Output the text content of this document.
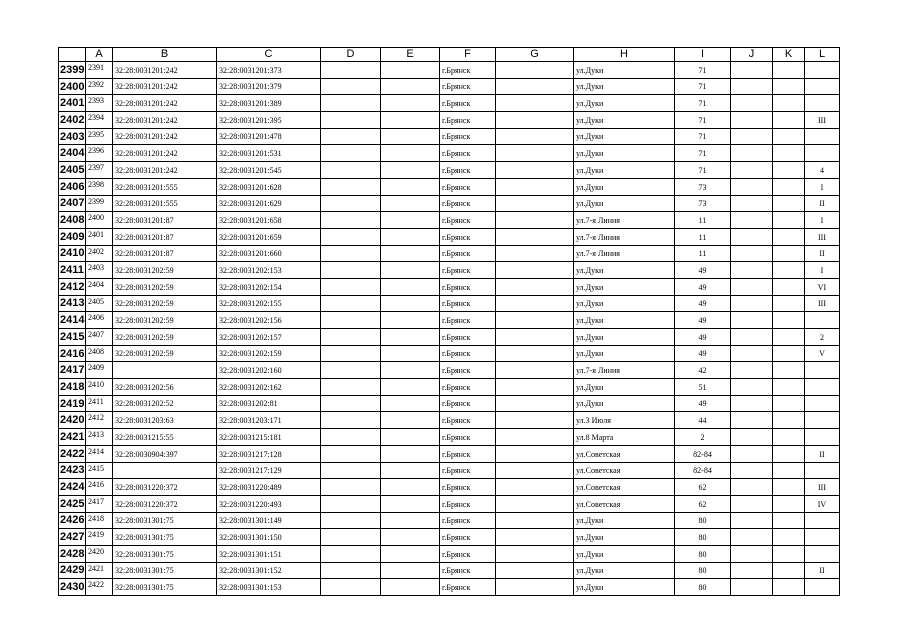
	A	B	C	D	E	F	G	H	I	J	K	L
2399	2391	32:28:0031201:242	32:28:0031201:373			г.Брянск		ул.Дуки	71			
2400	2392	32:28:0031201:242	32:28:0031201:379			г.Брянск		ул.Дуки	71			
2401	2393	32:28:0031201:242	32:28:0031201:389			г.Брянск		ул.Дуки	71			
2402	2394	32:28:0031201:242	32:28:0031201:395			г.Брянск		ул.Дуки	71			III
2403	2395	32:28:0031201:242	32:28:0031201:478			г.Брянск		ул.Дуки	71			
2404	2396	32:28:0031201:242	32:28:0031201:531			г.Брянск		ул.Дуки	71			
2405	2397	32:28:0031201:242	32:28:0031201:545			г.Брянск		ул.Дуки	71			4
2406	2398	32:28:0031201:555	32:28:0031201:628			г.Брянск		ул.Дуки	73			I
2407	2399	32:28:0031201:555	32:28:0031201:629			г.Брянск		ул.Дуки	73			II
2408	2400	32:28:0031201:87	32:28:0031201:658			г.Брянск		ул.7-я Линия	11			I
2409	2401	32:28:0031201:87	32:28:0031201:659			г.Брянск		ул.7-я Линия	11			III
2410	2402	32:28:0031201:87	32:28:0031201:660			г.Брянск		ул.7-я Линия	11			II
2411	2403	32:28:0031202:59	32:28:0031202:153			г.Брянск		ул.Дуки	49			I
2412	2404	32:28:0031202:59	32:28:0031202:154			г.Брянск		ул.Дуки	49			VI
2413	2405	32:28:0031202:59	32:28:0031202:155			г.Брянск		ул.Дуки	49			III
2414	2406	32:28:0031202:59	32:28:0031202:156			г.Брянск		ул.Дуки	49			
2415	2407	32:28:0031202:59	32:28:0031202:157			г.Брянск		ул.Дуки	49			2
2416	2408	32:28:0031202:59	32:28:0031202:159			г.Брянск		ул.Дуки	49			V
2417	2409		32:28:0031202:160			г.Брянск		ул.7-я Линия	42			
2418	2410	32:28:0031202:56	32:28:0031202:162			г.Брянск		ул.Дуки	51			
2419	2411	32:28:0031202:52	32:28:0031202:81			г.Брянск		ул.Дуки	49			
2420	2412	32:28:0031203:63	32:28:0031203:171			г.Брянск		ул.3 Июля	44			
2421	2413	32:28:0031215:55	32:28:0031215:181			г.Брянск		ул.8 Марта	2			
2422	2414	32:28:0030904:397	32:28:0031217:128			г.Брянск		ул.Советская	82-84			II
2423	2415		32:28:0031217:129			г.Брянск		ул.Советская	82-84			
2424	2416	32:28:0031220:372	32:28:0031220:489			г.Брянск		ул.Советская	62			III
2425	2417	32:28:0031220:372	32:28:0031220:493			г.Брянск		ул.Советская	62			IV
2426	2418	32:28:0031301:75	32:28:0031301:149			г.Брянск		ул.Дуки	80			
2427	2419	32:28:0031301:75	32:28:0031301:150			г.Брянск		ул.Дуки	80			
2428	2420	32:28:0031301:75	32:28:0031301:151			г.Брянск		ул.Дуки	80			
2429	2421	32:28:0031301:75	32:28:0031301:152			г.Брянск		ул.Дуки	80			II
2430	2422	32:28:0031301:75	32:28:0031301:153			г.Брянск		ул.Дуки	80			
